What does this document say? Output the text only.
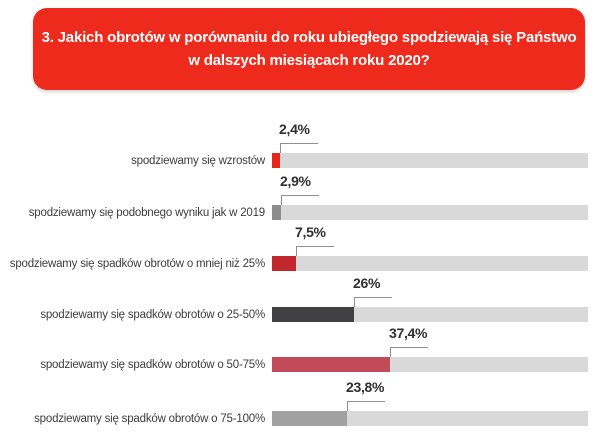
3. Jakich obrotów w porównaniu do roku ubiegłego spodziewają się Państwo
w dalszych miesiącach roku 2020?
2,4%
spodziewamy się wzrostów
2,9%
spodziewamy się podobnego wyniku jak w 2019
7,5%
spodziewamy się spadków obrotów o mniej niż 25%
26%
spodziewamy się spadków obrotów o 25-50%
37,4%
spodziewamy się spadków obrotów o 50-75%
23,8%
spodziewamy się spadków obrotów o 75-100%
